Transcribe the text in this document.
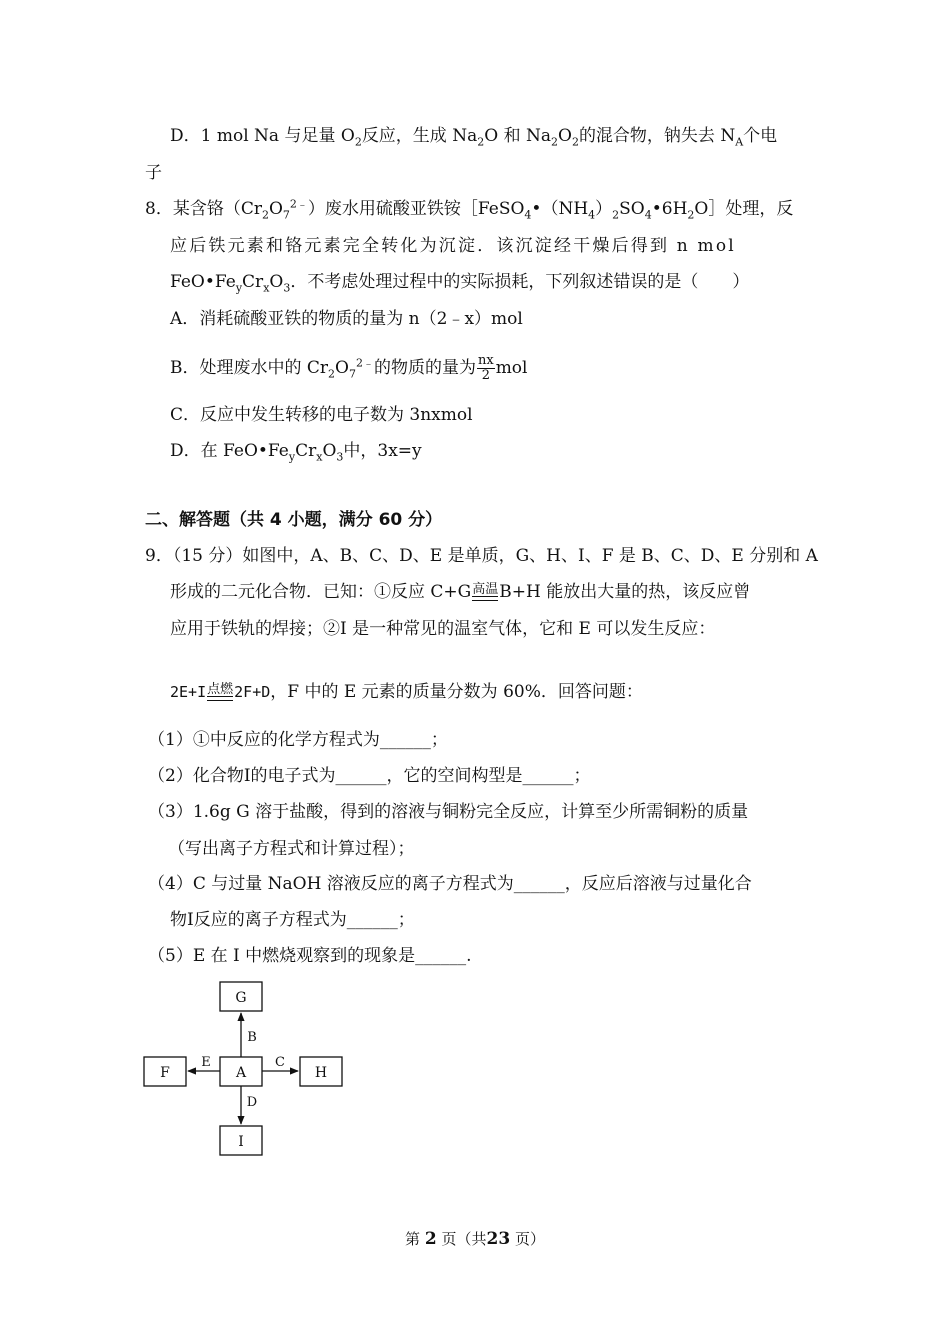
D．1 mol Na 与足量 $O_2$反应，生成 $Na_2O$ 和 $Na_2O_2$的混合物，钠失去 $N_A$个电
子
8．某含铬$(Cr_2O_7^{2﹣})$废水用硫酸亚铁铵$[FeSO_4•(NH_4)_2SO_4•6H_2O]$处理，反
应后铁元素和铬元素完全转化为沉淀．该沉淀经干燥后得到 n mol
$FeO•Fe_yCr_xO_3$．不考虑处理过程中的实际损耗，下列叙述错误的是（　　）
A．消耗硫酸亚铁的物质的量为 n（2﹣x）mol
B．处理废水中的 $Cr_2O_7^{2﹣}$的物质的量为 $\frac{nx}{2}$ mol
C．反应中发生转移的电子数为 3nxmol
D．在 $FeO•Fe_yCr_xO_3$中，3x=y
二、解答题（共 4 小题，满分 60 分）
9．（15 分）如图中，A、B、C、D、E 是单质，G、H、I、F 是 B、C、D、E 分别和 A
形成的二元化合物．已知：①反应 C+G 高温 B+H 能放出大量的热，该反应曾
应用于铁轨的焊接；②I 是一种常见的温室气体，它和 E 可以发生反应：
2E+I 点燃 2F+D，F 中的 E 元素的质量分数为 60%．回答问题：
（1）①中反应的化学方程式为______；
（2）化合物Ⅰ的电子式为______，它的空间构型是______；
（3）1.6g G 溶于盐酸，得到的溶液与铜粉完全反应，计算至少所需铜粉的质量
（写出离子方程式和计算过程）；
（4）C 与过量 NaOH 溶液反应的离子方程式为______，反应后溶液与过量化合
物Ⅰ反应的离子方程式为______；
（5）E 在 I 中燃烧观察到的现象是______.
G
F	A	H
I
B
E	C
D
第 2 页（共23 页）
